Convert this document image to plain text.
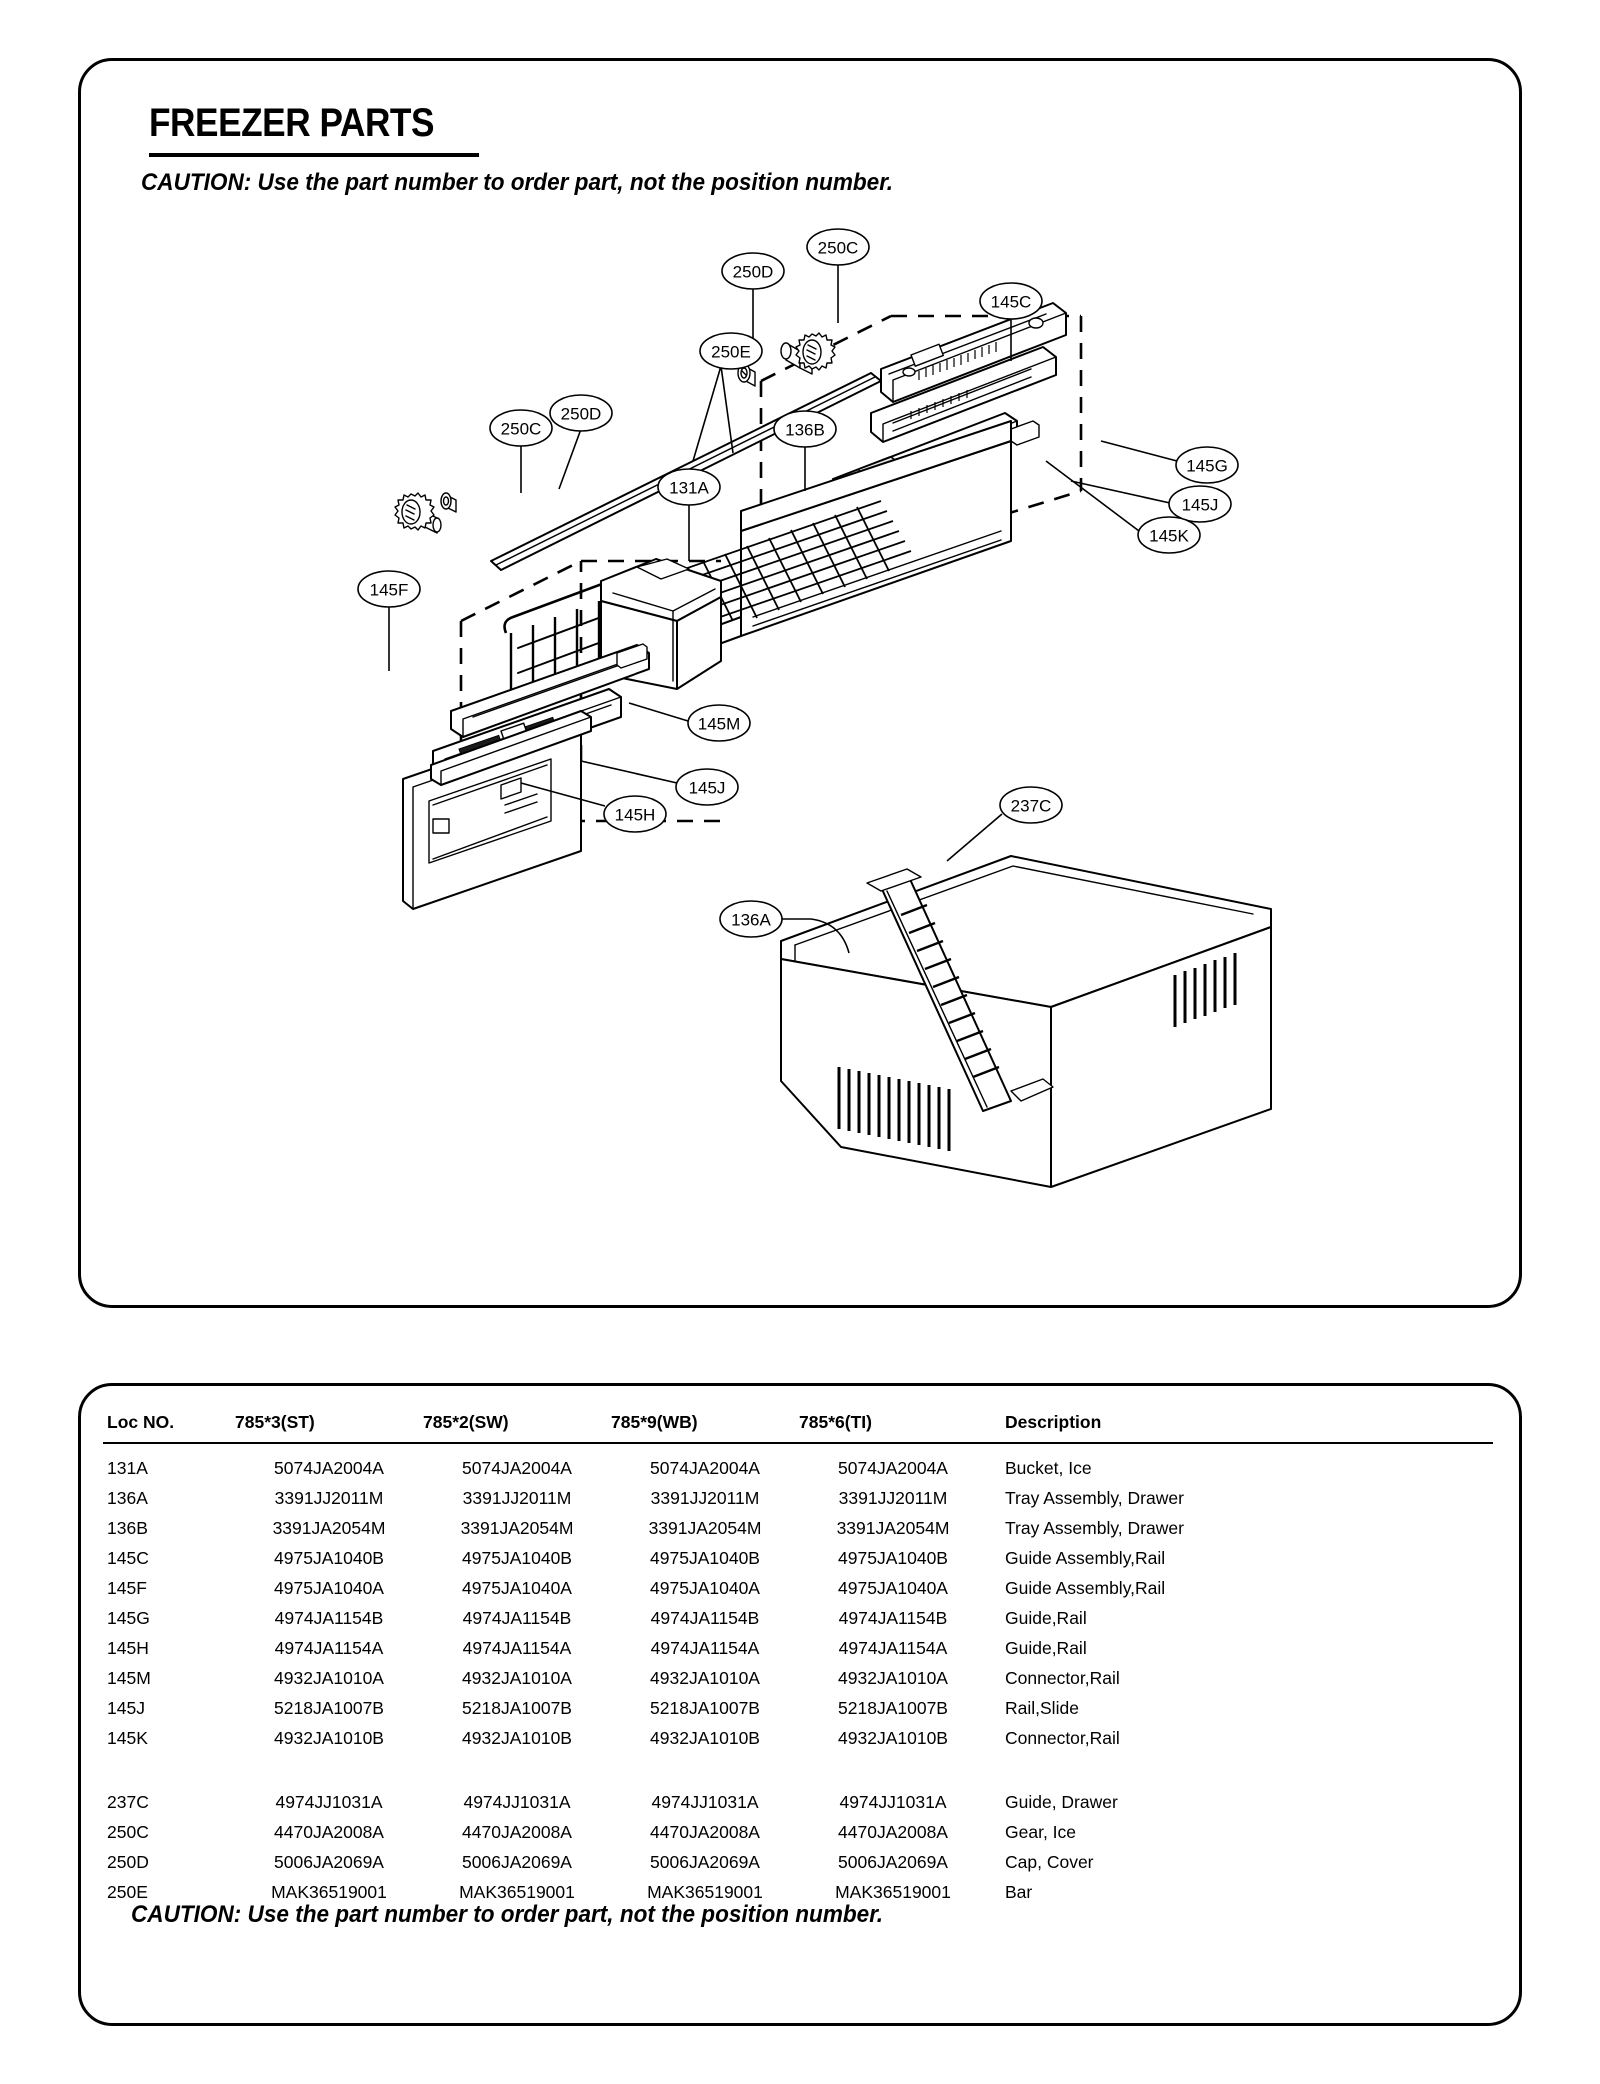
FREEZER PARTS
CAUTION: Use the part number to order part, not the position number.
250C
250D
145C
250E
250C
250D
136B
145G
131A
145J
145K
145F
145M
145J
145H	237C
136A
Loc NO.	785*3(ST)	785*2(SW)	785*9(WB)	785*6(TI)	Description
131A	5074JA2004A	5074JA2004A	5074JA2004A	5074JA2004A	Bucket, Ice
136A	3391JJ2011M	3391JJ2011M	3391JJ2011M	3391JJ2011M	Tray Assembly, Drawer
136B	3391JA2054M	3391JA2054M	3391JA2054M	3391JA2054M	Tray Assembly, Drawer
145C	4975JA1040B	4975JA1040B	4975JA1040B	4975JA1040B	Guide Assembly,Rail
145F	4975JA1040A	4975JA1040A	4975JA1040A	4975JA1040A	Guide Assembly,Rail
145G	4974JA1154B	4974JA1154B	4974JA1154B	4974JA1154B	Guide,Rail
145H	4974JA1154A	4974JA1154A	4974JA1154A	4974JA1154A	Guide,Rail
145M	4932JA1010A	4932JA1010A	4932JA1010A	4932JA1010A	Connector,Rail
145J	5218JA1007B	5218JA1007B	5218JA1007B	5218JA1007B	Rail,Slide
145K	4932JA1010B	4932JA1010B	4932JA1010B	4932JA1010B	Connector,Rail

237C	4974JJ1031A	4974JJ1031A	4974JJ1031A	4974JJ1031A	Guide, Drawer
250C	4470JA2008A	4470JA2008A	4470JA2008A	4470JA2008A	Gear, Ice
250D	5006JA2069A	5006JA2069A	5006JA2069A	5006JA2069A	Cap, Cover
250E	MAK36519001	MAK36519001	MAK36519001	MAK36519001	Bar
CAUTION: Use the part number to order part, not the position number.
